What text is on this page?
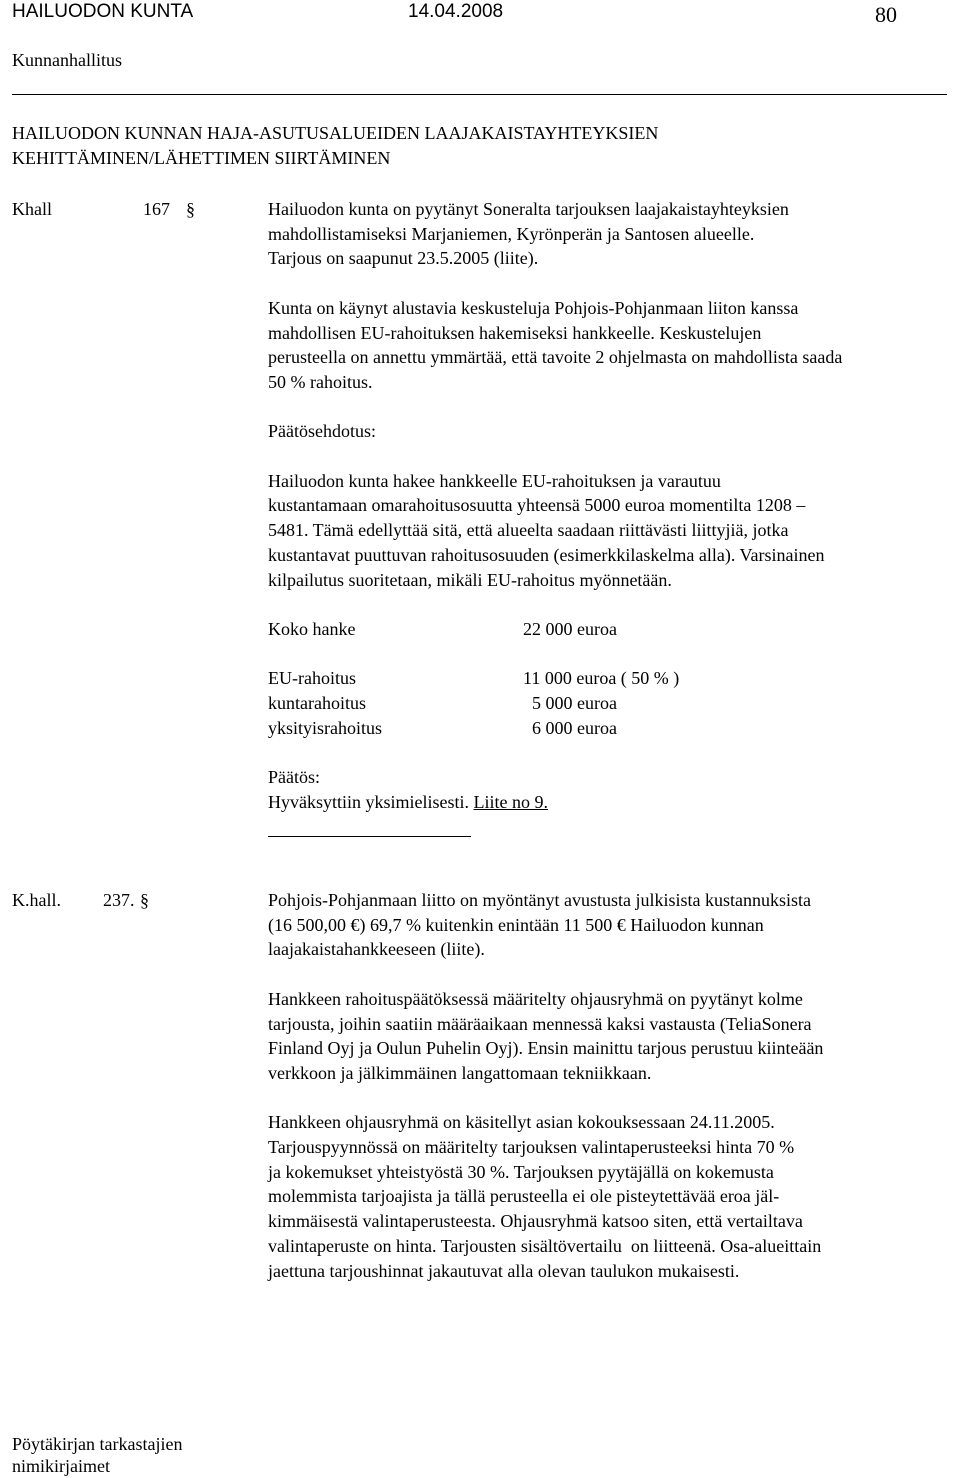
HAILUODON KUNTA	14.04.2008	80
Kunnanhallitus
HAILUODON KUNNAN HAJA-ASUTUSALUEIDEN LAAJAKAISTAYHTEYKSIEN
KEHITTÄMINEN/LÄHETTIMEN SIIRTÄMINEN
Khall	167 §	Hailuodon kunta on pyytänyt Soneralta tarjouksen laajakaistayhteyksien

mahdollistamiseksi Marjaniemen, Kyrönperän ja Santosen alueelle.

Tarjous on saapunut 23.5.2005 (liite).

Kunta on käynyt alustavia keskusteluja Pohjois-Pohjanmaan liiton kanssa

mahdollisen EU-rahoituksen hakemiseksi hankkeelle. Keskustelujen

perusteella on annettu ymmärtää, että tavoite 2 ohjelmasta on mahdollista saada

50 % rahoitus.

Päätösehdotus:

Hailuodon kunta hakee hankkeelle EU-rahoituksen ja varautuu

kustantamaan omarahoitusosuutta yhteensä 5000 euroa momentilta 1208 –

5481. Tämä edellyttää sitä, että alueelta saadaan riittävästi liittyjiä, jotka

kustantavat puuttuvan rahoitusosuuden (esimerkkilaskelma alla). Varsinainen

kilpailutus suoritetaan, mikäli EU-rahoitus myönnetään.

Koko hanke	22 000 euroa
EU-rahoitus	11 000 euroa ( 50 % )
kuntarahoitus	5 000 euroa
yksityisrahoitus	6 000 euroa
Päätös:
Hyväksyttiin yksimielisesti. Liite no 9.
K.hall. 237. §	Pohjois-Pohjanmaan liitto on myöntänyt avustusta julkisista kustannuksista

(16 500,00 €) 69,7 % kuitenkin enintään 11 500 € Hailuodon kunnan

laajakaistahankkeeseen (liite).

Hankkeen rahoituspäätöksessä määritelty ohjausryhmä on pyytänyt kolme

tarjousta, joihin saatiin määräaikaan mennessä kaksi vastausta (TeliaSonera

Finland Oyj ja Oulun Puhelin Oyj). Ensin mainittu tarjous perustuu kiinteään

verkkoon ja jälkimmäinen langattomaan tekniikkaan.

Hankkeen ohjausryhmä on käsitellyt asian kokouksessaan 24.11.2005.

Tarjouspyynnössä on määritelty tarjouksen valintaperusteeksi hinta 70 %

ja kokemukset yhteistyöstä 30 %. Tarjouksen pyytäjällä on kokemusta

molemmista tarjoajista ja tällä perusteella ei ole pisteytettävää eroa jäl-

kimmäisestä valintaperusteesta. Ohjausryhmä katsoo siten, että vertailtava

valintaperuste on hinta. Tarjousten sisältövertailu  on liitteenä. Osa-alueittain

jaettuna tarjoushinnat jakautuvat alla olevan taulukon mukaisesti.

Pöytäkirjan tarkastajien
nimikirjaimet
